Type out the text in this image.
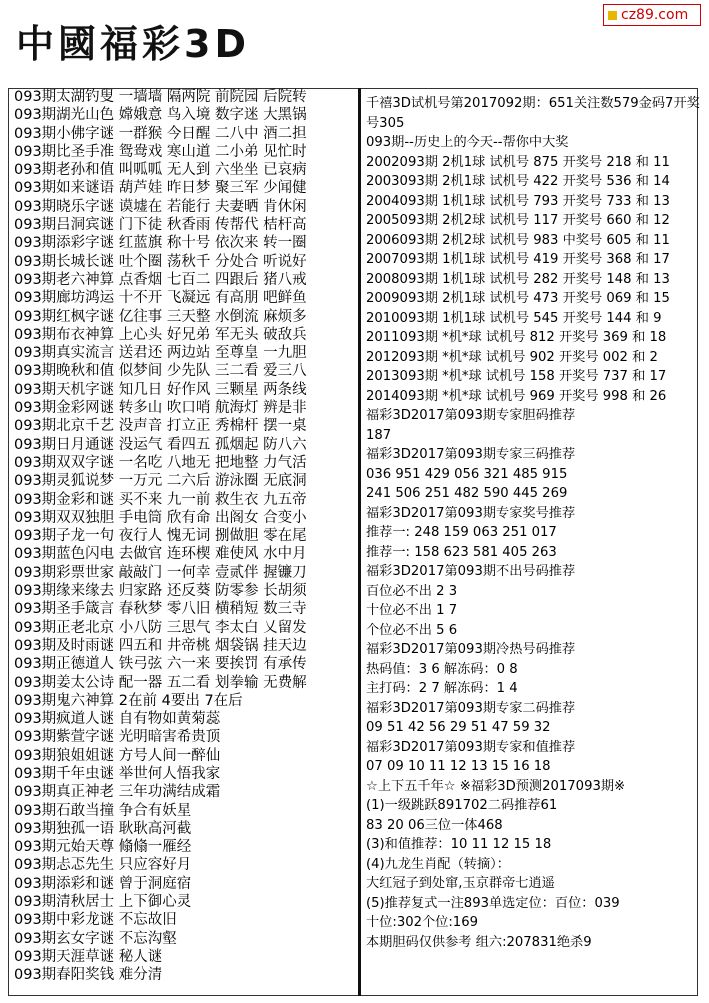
中國福彩3D
cz89.com
093期太湖钓叟 一墙墙 隔两院 前院园 后院转
093期湖光山色 嫦娥意 鸟入境 数字迷 大黑锅
093期小佛字谜 一群猴 今日醒 二八中 酒二担
093期比圣手准 鸳鸯戏 寒山道 二小弟 见忙时
093期老孙和值 叫呱呱 无人到 六坐坐 已哀病
093期如来谜语 葫芦娃 昨日梦 聚三军 少闻健
093期晓乐字谜 谟墟在 若能行 夫妻晒 肯休闲
093期吕洞宾谜 门下徒 秋香雨 传帮代 桔杆高
093期添彩字谜 红蓝旗 称十号 依次来 转一圈
093期长城长谜 吐个圈 荡秋千 分处合 听说好
093期老六神算 点香烟 七百二 四跟后 猪八戒
093期廊坊鸿运 十不开 飞凝远 有高朋 吧鲜鱼
093期红枫字谜 亿往事 三天整 水倒流 麻烦多
093期布衣神算 上心头 好兄弟 军无头 破敌兵
093期真实流言 送君还 两边站 至尊皇 一九胆
093期晚秋和值 似梦间 少先队 三二看 爱三八
093期天机字谜 知几日 好作风 三颗星 两条线
093期金彩网谜 转多山 吹口哨 航海灯 辨是非
093期北京千艺 没声音 打立正 秀棉杆 摆一桌
093期日月通谜 没运气 看四五 孤烟起 防八六
093期双双字谜 一名吃 八地无 把地整 力气活
093期灵狐说梦 一万元 二六后 游泳圈 无底洞
093期金彩和谜 买不来 九一前 救生衣 九五帝
093期双双独胆 手电筒 欣有命 出阁女 合变小
093期子龙一句 夜行人 愧无词 捌做胆 零在尾
093期蓝色闪电 去做官 连环楔 难使风 水中月
093期彩票世家 敲敲门 一何幸 壹贰伴 握镰刀
093期缘来缘去 归家路 还反葵 防零参 长胡须
093期圣手箴言 春秋梦 零八旧 横稍短 数三寺
093期正老北京 小八防 三思气 李太白 乂留发
093期及时雨谜 四五和 井帝桃 烟袋锅 挂天边
093期正德道人 铁弓弦 六一来 要挨罚 有承传
093期姜太公诗 配一器 五二看 划拳输 无费解
093期鬼六神算 2在前 4要出 7在后
093期疯道人谜 自有物如黄菊蕊
093期紫萱字谜 光明暗害希贵顶
093期狼姐姐谜 方号人间一醉仙
093期千年虫谜 举世何人悟我家
093期真正神老 三年功满结成霜
093期石敢当撞 争合有妖星
093期独孤一语 耿耿高河截
093期元始天尊 翛翛一雁经
093期忐忑先生 只应容好月
093期添彩和谜 曾于洞庭宿
093期清秋居士 上下御心灵
093期中彩龙谜 不忘故旧
093期玄女字谜 不忘沟壑
093期天涯草谜 秘人谜
093期春阳奖钱 难分清
千禧3D试机号第2017092期：651关注数579金码7开奖号305
093期--历史上的今天--帮你中大奖
2002093期 2机1球 试机号 875 开奖号 218 和 11
2003093期 2机1球 试机号 422 开奖号 536 和 14
2004093期 1机1球 试机号 793 开奖号 733 和 13
2005093期 2机2球 试机号 117 开奖号 660 和 12
2006093期 2机2球 试机号 983 中奖号 605 和 11
2007093期 1机1球 试机号 419 开奖号 368 和 17
2008093期 1机1球 试机号 282 开奖号 148 和 13
2009093期 2机1球 试机号 473 开奖号 069 和 15
2010093期 1机1球 试机号 545 开奖号 144 和 9
2011093期 *机*球 试机号 812 开奖号 369 和 18
2012093期 *机*球 试机号 902 开奖号 002 和 2
2013093期 *机*球 试机号 158 开奖号 737 和 17
2014093期 *机*球 试机号 969 开奖号 998 和 26
福彩3D2017第093期专家胆码推荐
187
福彩3D2017第093期专家三码推荐
036 951 429 056 321 485 915
241 506 251 482 590 445 269
福彩3D2017第093期专家奖号推荐
推荐一: 248 159 063 251 017
推荐一: 158 623 581 405 263
福彩3D2017第093期不出号码推荐
百位必不出 2 3
十位必不出 1 7
个位必不出 5 6
福彩3D2017第093期冷热号码推荐
热码值：3 6 解冻码：0 8
主打码：2 7 解冻码：1 4
福彩3D2017第093期专家二码推荐
09 51 42 56 29 51 47 59 32
福彩3D2017第093期专家和值推荐
07 09 10 11 12 13 15 16 18
☆上下五千年☆ ※福彩3D预测2017093期※
(1)一级跳跃891702二码推荐61
83 20 06三位一体468
(3)和值推荐：10 11 12 15 18
(4)九龙生肖配（转摘）：
大红冠子到处窜,玉京群帝七逍遥
(5)推荐复式一注893单选定位：百位：039
十位:302个位:169
本期胆码仅供参考 组六:207831绝杀9
